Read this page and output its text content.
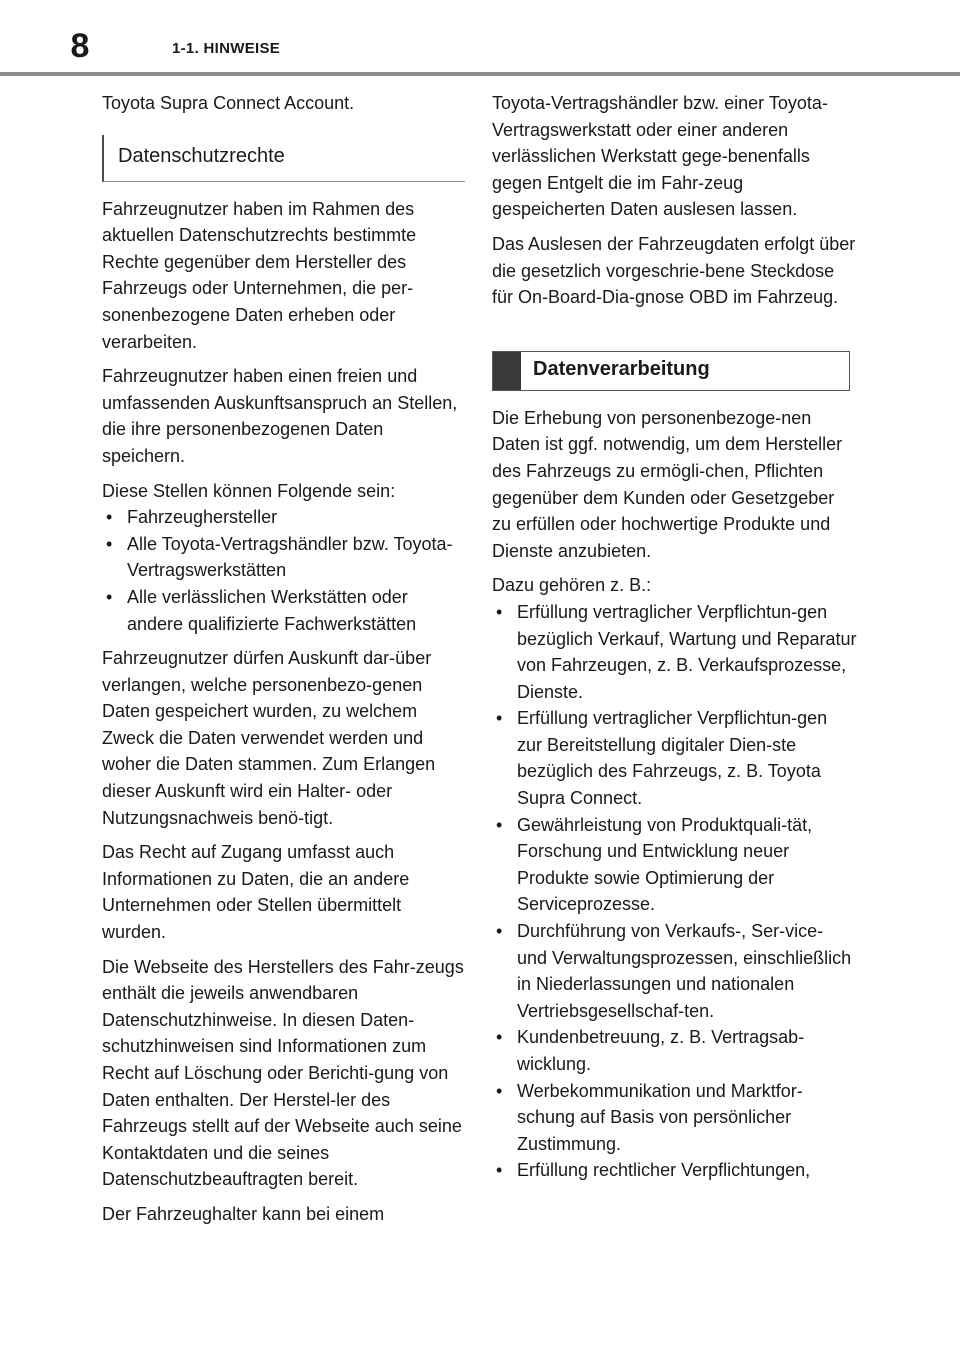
8	1-1. HINWEISE

Toyota Supra Connect Account.

Datenschutzrechte

Fahrzeugnutzer haben im Rahmen des aktuellen Datenschutzrechts bestimmte Rechte gegenüber dem Hersteller des Fahrzeugs oder Unternehmen, die per-sonenbezogene Daten erheben oder verarbeiten.

Fahrzeugnutzer haben einen freien und umfassenden Auskunftsanspruch an Stellen, die ihre personenbezogenen Daten speichern.

Diese Stellen können Folgende sein:

• Fahrzeughersteller
• Alle Toyota-Vertragshändler bzw. Toyota-Vertragswerkstätten
• Alle verlässlichen Werkstätten oder andere qualifizierte Fachwerkstätten

Fahrzeugnutzer dürfen Auskunft dar-über verlangen, welche personenbezo-genen Daten gespeichert wurden, zu welchem Zweck die Daten verwendet werden und woher die Daten stammen. Zum Erlangen dieser Auskunft wird ein Halter- oder Nutzungsnachweis benö-tigt.

Das Recht auf Zugang umfasst auch Informationen zu Daten, die an andere Unternehmen oder Stellen übermittelt wurden.

Die Webseite des Herstellers des Fahr-zeugs enthält die jeweils anwendbaren Datenschutzhinweise. In diesen Daten-schutzhinweisen sind Informationen zum Recht auf Löschung oder Berichti-gung von Daten enthalten. Der Herstel-ler des Fahrzeugs stellt auf der Webseite auch seine Kontaktdaten und die seines Datenschutzbeauftragten bereit.

Der Fahrzeughalter kann bei einem

Toyota-Vertragshändler bzw. einer Toyota-Vertragswerkstatt oder einer anderen verlässlichen Werkstatt gege-benenfalls gegen Entgelt die im Fahr-zeug gespeicherten Daten auslesen lassen.

Das Auslesen der Fahrzeugdaten erfolgt über die gesetzlich vorgeschrie-bene Steckdose für On-Board-Dia-gnose OBD im Fahrzeug.

Datenverarbeitung

Die Erhebung von personenbezoge-nen Daten ist ggf. notwendig, um dem Hersteller des Fahrzeugs zu ermögli-chen, Pflichten gegenüber dem Kunden oder Gesetzgeber zu erfüllen oder hochwertige Produkte und Dienste anzubieten.

Dazu gehören z. B.:

• Erfüllung vertraglicher Verpflichtun-gen bezüglich Verkauf, Wartung und Reparatur von Fahrzeugen, z. B. Verkaufsprozesse, Dienste.
• Erfüllung vertraglicher Verpflichtun-gen zur Bereitstellung digitaler Dien-ste bezüglich des Fahrzeugs, z. B. Toyota Supra Connect.
• Gewährleistung von Produktquali-tät, Forschung und Entwicklung neuer Produkte sowie Optimierung der Serviceprozesse.
• Durchführung von Verkaufs-, Ser-vice- und Verwaltungsprozessen, einschließlich in Niederlassungen und nationalen Vertriebsgesellschaf-ten.
• Kundenbetreuung, z. B. Vertragsab-wicklung.
• Werbekommunikation und Marktfor-schung auf Basis von persönlicher Zustimmung.
• Erfüllung rechtlicher Verpflichtungen,
